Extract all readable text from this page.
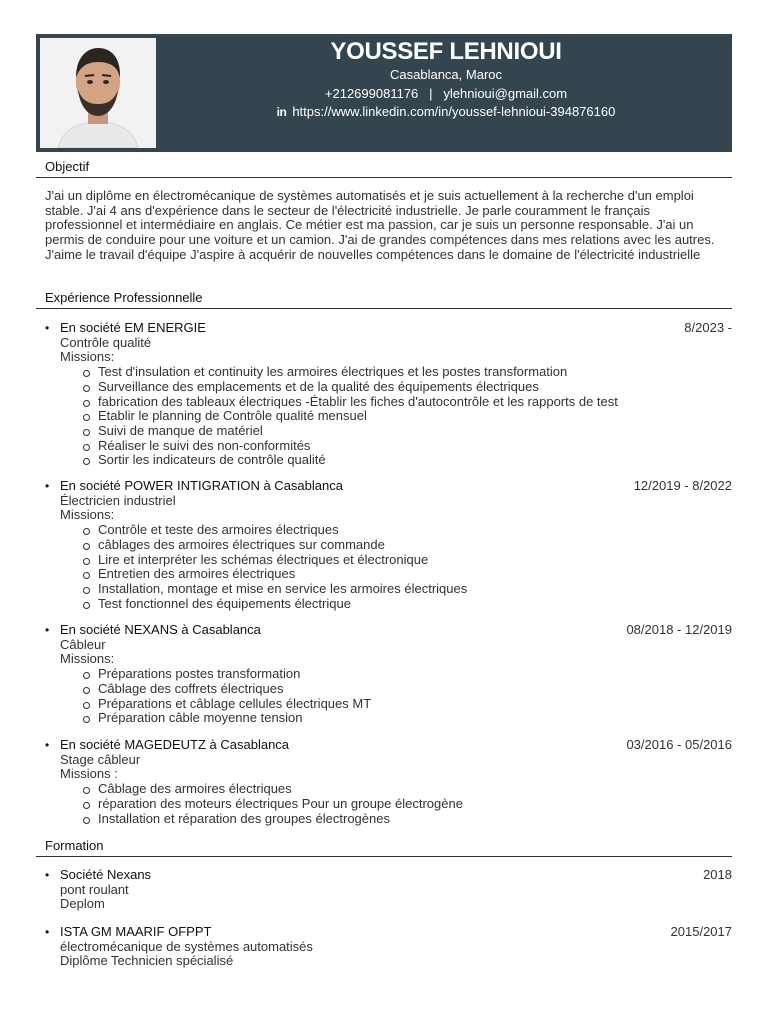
YOUSSEF LEHNIOUI
Casablanca, Maroc
+212699081176 | ylehnioui@gmail.com
in https://www.linkedin.com/in/youssef-lehnioui-394876160
Objectif
J'ai un diplôme en électromécanique de systèmes automatisés et je suis actuellement à la recherche d'un emploi stable. J'ai 4 ans d'expérience dans le secteur de l'électricité industrielle. Je parle couramment le français professionnel et intermédiaire en anglais. Ce métier est ma passion, car je suis un personne responsable. J'ai un permis de conduire pour une voiture et un camion. J'ai de grandes compétences dans mes relations avec les autres. J'aime le travail d'équipe J'aspire à acquérir de nouvelles compétences dans le domaine de l'électricité industrielle
Expérience Professionnelle
• En société EM ENERGIE	8/2023 -
Contrôle qualité
Missions:
Test d'insulation et continuity les armoires électriques et les postes transformation
Surveillance des emplacements et de la qualité des équipements électriques
fabrication des tableaux électriques -Établir les fiches d'autocontrôle et les rapports de test
Etablir le planning de Contrôle qualité mensuel
Suivi de manque de matériel
Réaliser le suivi des non-conformités
Sortir les indicateurs de contrôle qualité
• En société POWER INTIGRATION à Casablanca	12/2019 - 8/2022
Électricien industriel
Missions:
Contrôle et teste des armoires électriques
câblages des armoires électriques sur commande
Lire et interpréter les schémas électriques et électronique
Entretien des armoires électriques
Installation, montage et mise en service les armoires électriques
Test fonctionnel des équipements électrique
• En société NEXANS à Casablanca	08/2018 - 12/2019
Câbleur
Missions:
Préparations postes transformation
Câblage des coffrets électriques
Préparations et câblage cellules électriques MT
Préparation câble moyenne tension
• En société MAGEDEUTZ à Casablanca	03/2016 - 05/2016
Stage câbleur
Missions :
Câblage des armoires électriques
réparation des moteurs électriques Pour un groupe électrogène
Installation et réparation des groupes électrogènes
Formation
• Société Nexans	2018
pont roulant
Deplom
• ISTA GM MAARIF OFPPT	2015/2017
électromécanique de systèmes automatisés
Diplôme Technicien spécialisé
